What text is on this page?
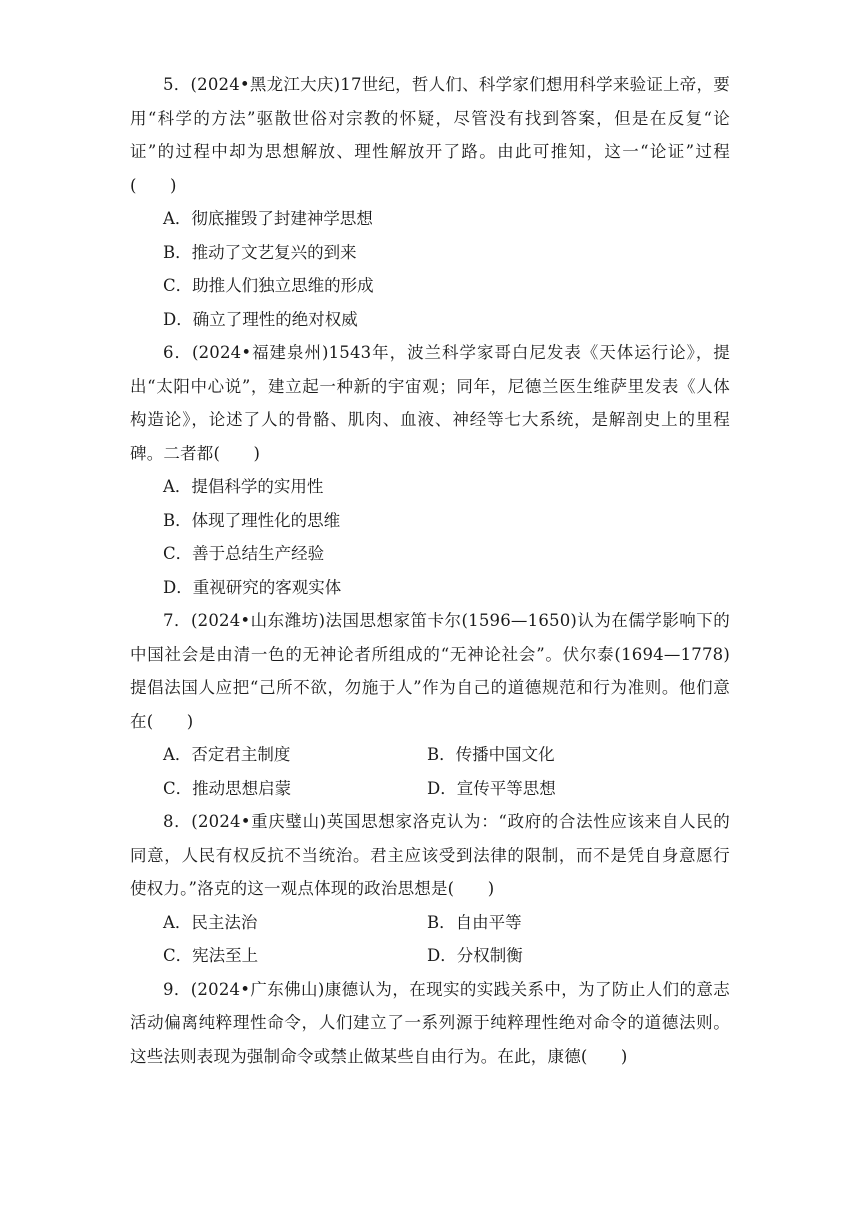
5．(2024•黑龙江大庆)17世纪，哲人们、科学家们想用科学来验证上帝，要用“科学的方法”驱散世俗对宗教的怀疑，尽管没有找到答案，但是在反复“论证”的过程中却为思想解放、理性解放开了路。由此可推知，这一“论证”过程(　　)

A．彻底摧毁了封建神学思想

B．推动了文艺复兴的到来

C．助推人们独立思维的形成

D．确立了理性的绝对权威

6．(2024•福建泉州)1543年，波兰科学家哥白尼发表《天体运行论》，提出“太阳中心说”，建立起一种新的宇宙观；同年，尼德兰医生维萨里发表《人体构造论》，论述了人的骨骼、肌肉、血液、神经等七大系统，是解剖史上的里程碑。二者都(　　)

A．提倡科学的实用性

B．体现了理性化的思维

C．善于总结生产经验

D．重视研究的客观实体

7．(2024•山东潍坊)法国思想家笛卡尔(1596—1650)认为在儒学影响下的中国社会是由清一色的无神论者所组成的“无神论社会”。伏尔泰(1694—1778)提倡法国人应把“己所不欲，勿施于人”作为自己的道德规范和行为准则。他们意在(　　)

A．否定君主制度	B．传播中国文化
C．推动思想启蒙	D．宣传平等思想

8．(2024•重庆璧山)英国思想家洛克认为：“政府的合法性应该来自人民的同意，人民有权反抗不当统治。君主应该受到法律的限制，而不是凭自身意愿行使权力。”洛克的这一观点体现的政治思想是(　　)

A．民主法治	B．自由平等
C．宪法至上	D．分权制衡

9．(2024•广东佛山)康德认为，在现实的实践关系中，为了防止人们的意志活动偏离纯粹理性命令，人们建立了一系列源于纯粹理性绝对命令的道德法则。这些法则表现为强制命令或禁止做某些自由行为。在此，康德(　　)
